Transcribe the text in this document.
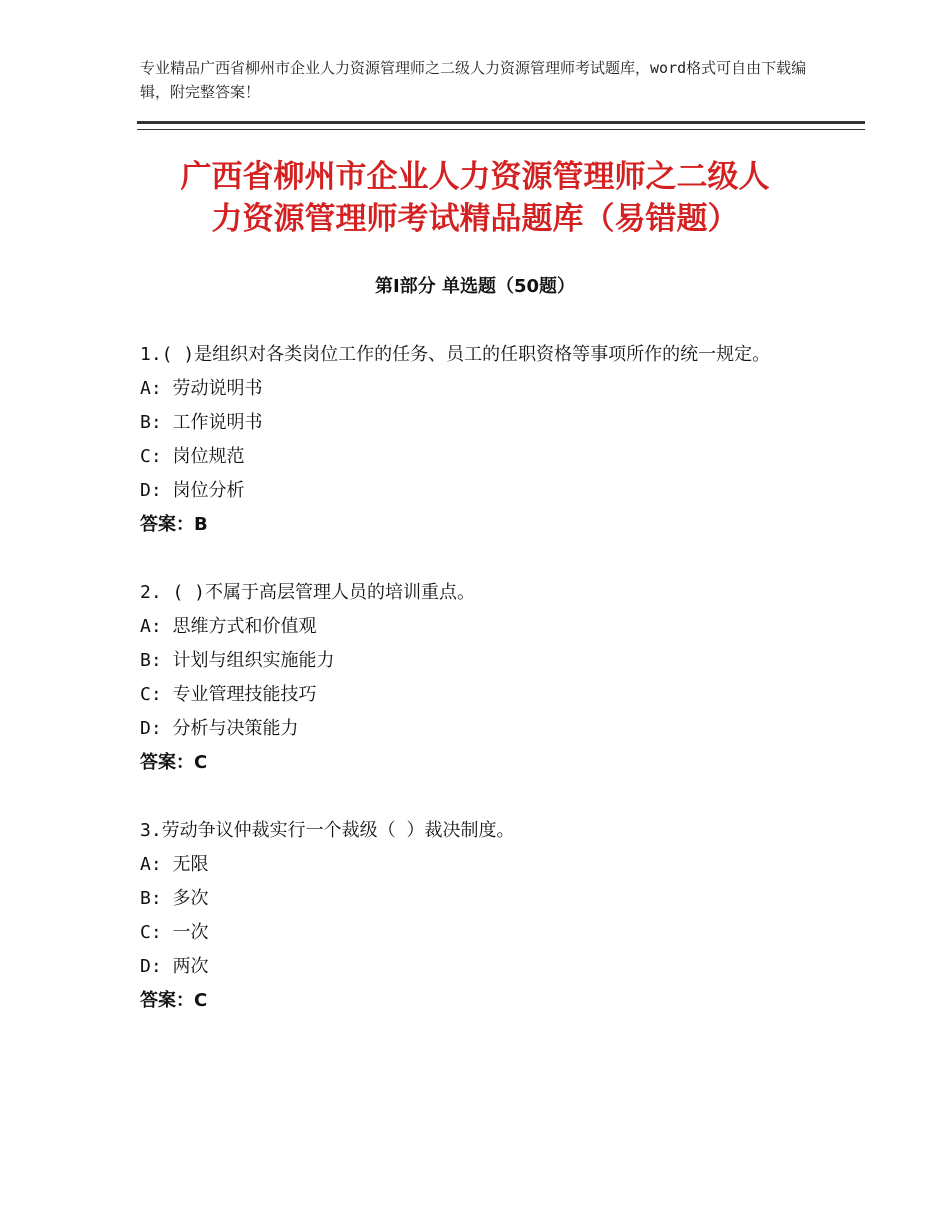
专业精品广西省柳州市企业人力资源管理师之二级人力资源管理师考试题库，word格式可自由下载编辑，附完整答案！
广西省柳州市企业人力资源管理师之二级人
力资源管理师考试精品题库（易错题）
第Ⅰ部分 单选题（50题）

1.( )是组织对各类岗位工作的任务、员工的任职资格等事项所作的统一规定。

A: 劳动说明书

B: 工作说明书

C: 岗位规范

D: 岗位分析

答案：B

2. ( )不属于高层管理人员的培训重点。

A: 思维方式和价值观

B: 计划与组织实施能力

C: 专业管理技能技巧

D: 分析与决策能力

答案：C

3.劳动争议仲裁实行一个裁级（ ）裁决制度。

A: 无限

B: 多次

C: 一次

D: 两次

答案：C
